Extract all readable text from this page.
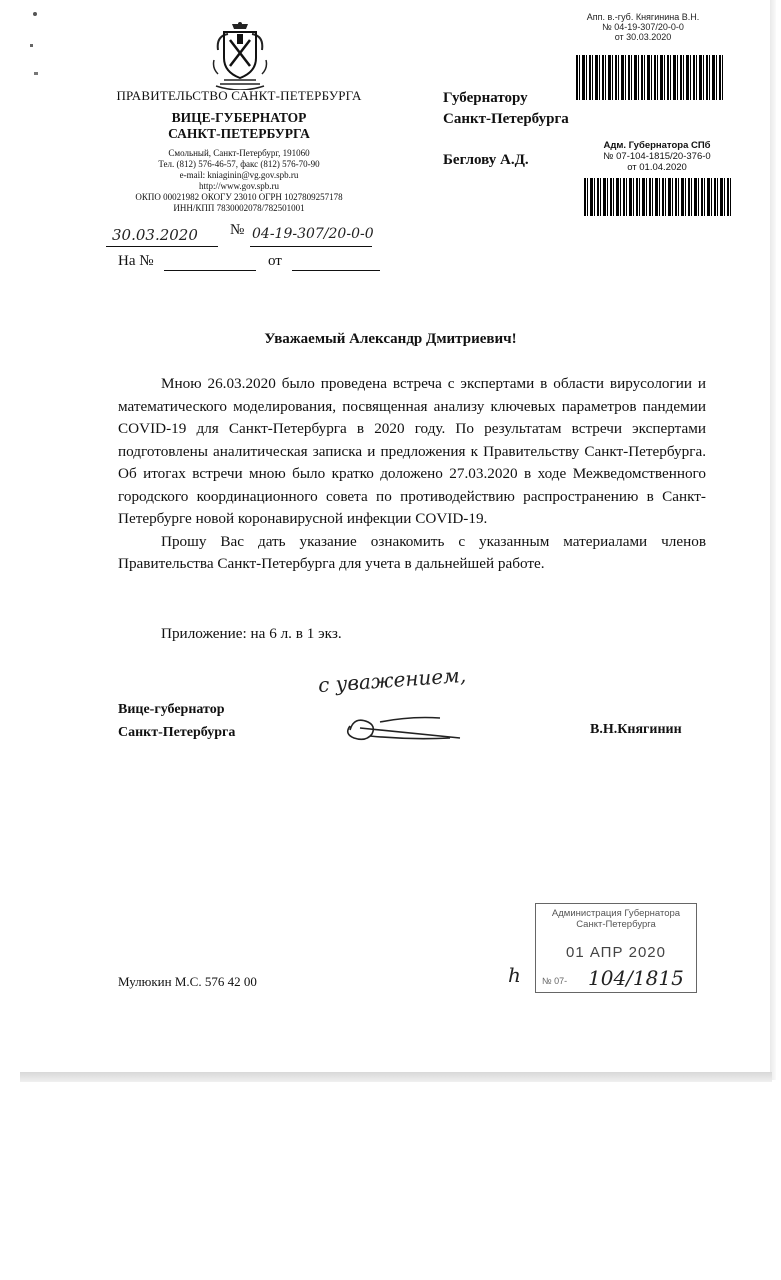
ПРАВИТЕЛЬСТВО САНКТ-ПЕТЕРБУРГА
ВИЦЕ-ГУБЕРНАТОР
САНКТ-ПЕТЕРБУРГА
Смольный, Санкт-Петербург, 191060
Тел. (812) 576-46-57, факс (812) 576-70-90
e-mail: kniaginin@vg.gov.spb.ru
http://www.gov.spb.ru
ОКПО 00021982 ОКОГУ 23010 ОГРН 1027809257178
ИНН/КПП 7830002078/782501001
30.03.2020 № 04-19-307/20-0-0
На №	от
Апп. в.-губ. Княгинина В.Н.
№ 04-19-307/20-0-0
от 30.03.2020
Губернатору
Санкт-Петербурга
Беглову А.Д.
Адм. Губернатора СПб
№ 07-104-1815/20-376-0
от 01.04.2020
Уважаемый Александр Дмитриевич!

Мною 26.03.2020 было проведена встреча с экспертами в области вирусологии и математического моделирования, посвященная анализу ключевых параметров пандемии COVID-19 для Санкт-Петербурга в 2020 году. По результатам встречи экспертами подготовлены аналитическая записка и предложения к Правительству Санкт-Петербурга. Об итогах встречи мною было кратко доложено 27.03.2020 в ходе Межведомственного городского координационного совета по противодействию распространению в Санкт-Петербурге новой коронавирусной инфекции COVID-19.

Прошу Вас дать указание ознакомить с указанным материалами членов Правительства Санкт-Петербурга для учета в дальнейшей работе.

Приложение: на 6 л. в 1 экз.
Вице-губернатор
Санкт-Петербурга
с уважением,
В.Н.Княгинин
Мулюкин М.С. 576 42 00	h
Администрация Губернатора
Санкт-Петербурга
01 АПР 2020
№ 07- 104/1815
